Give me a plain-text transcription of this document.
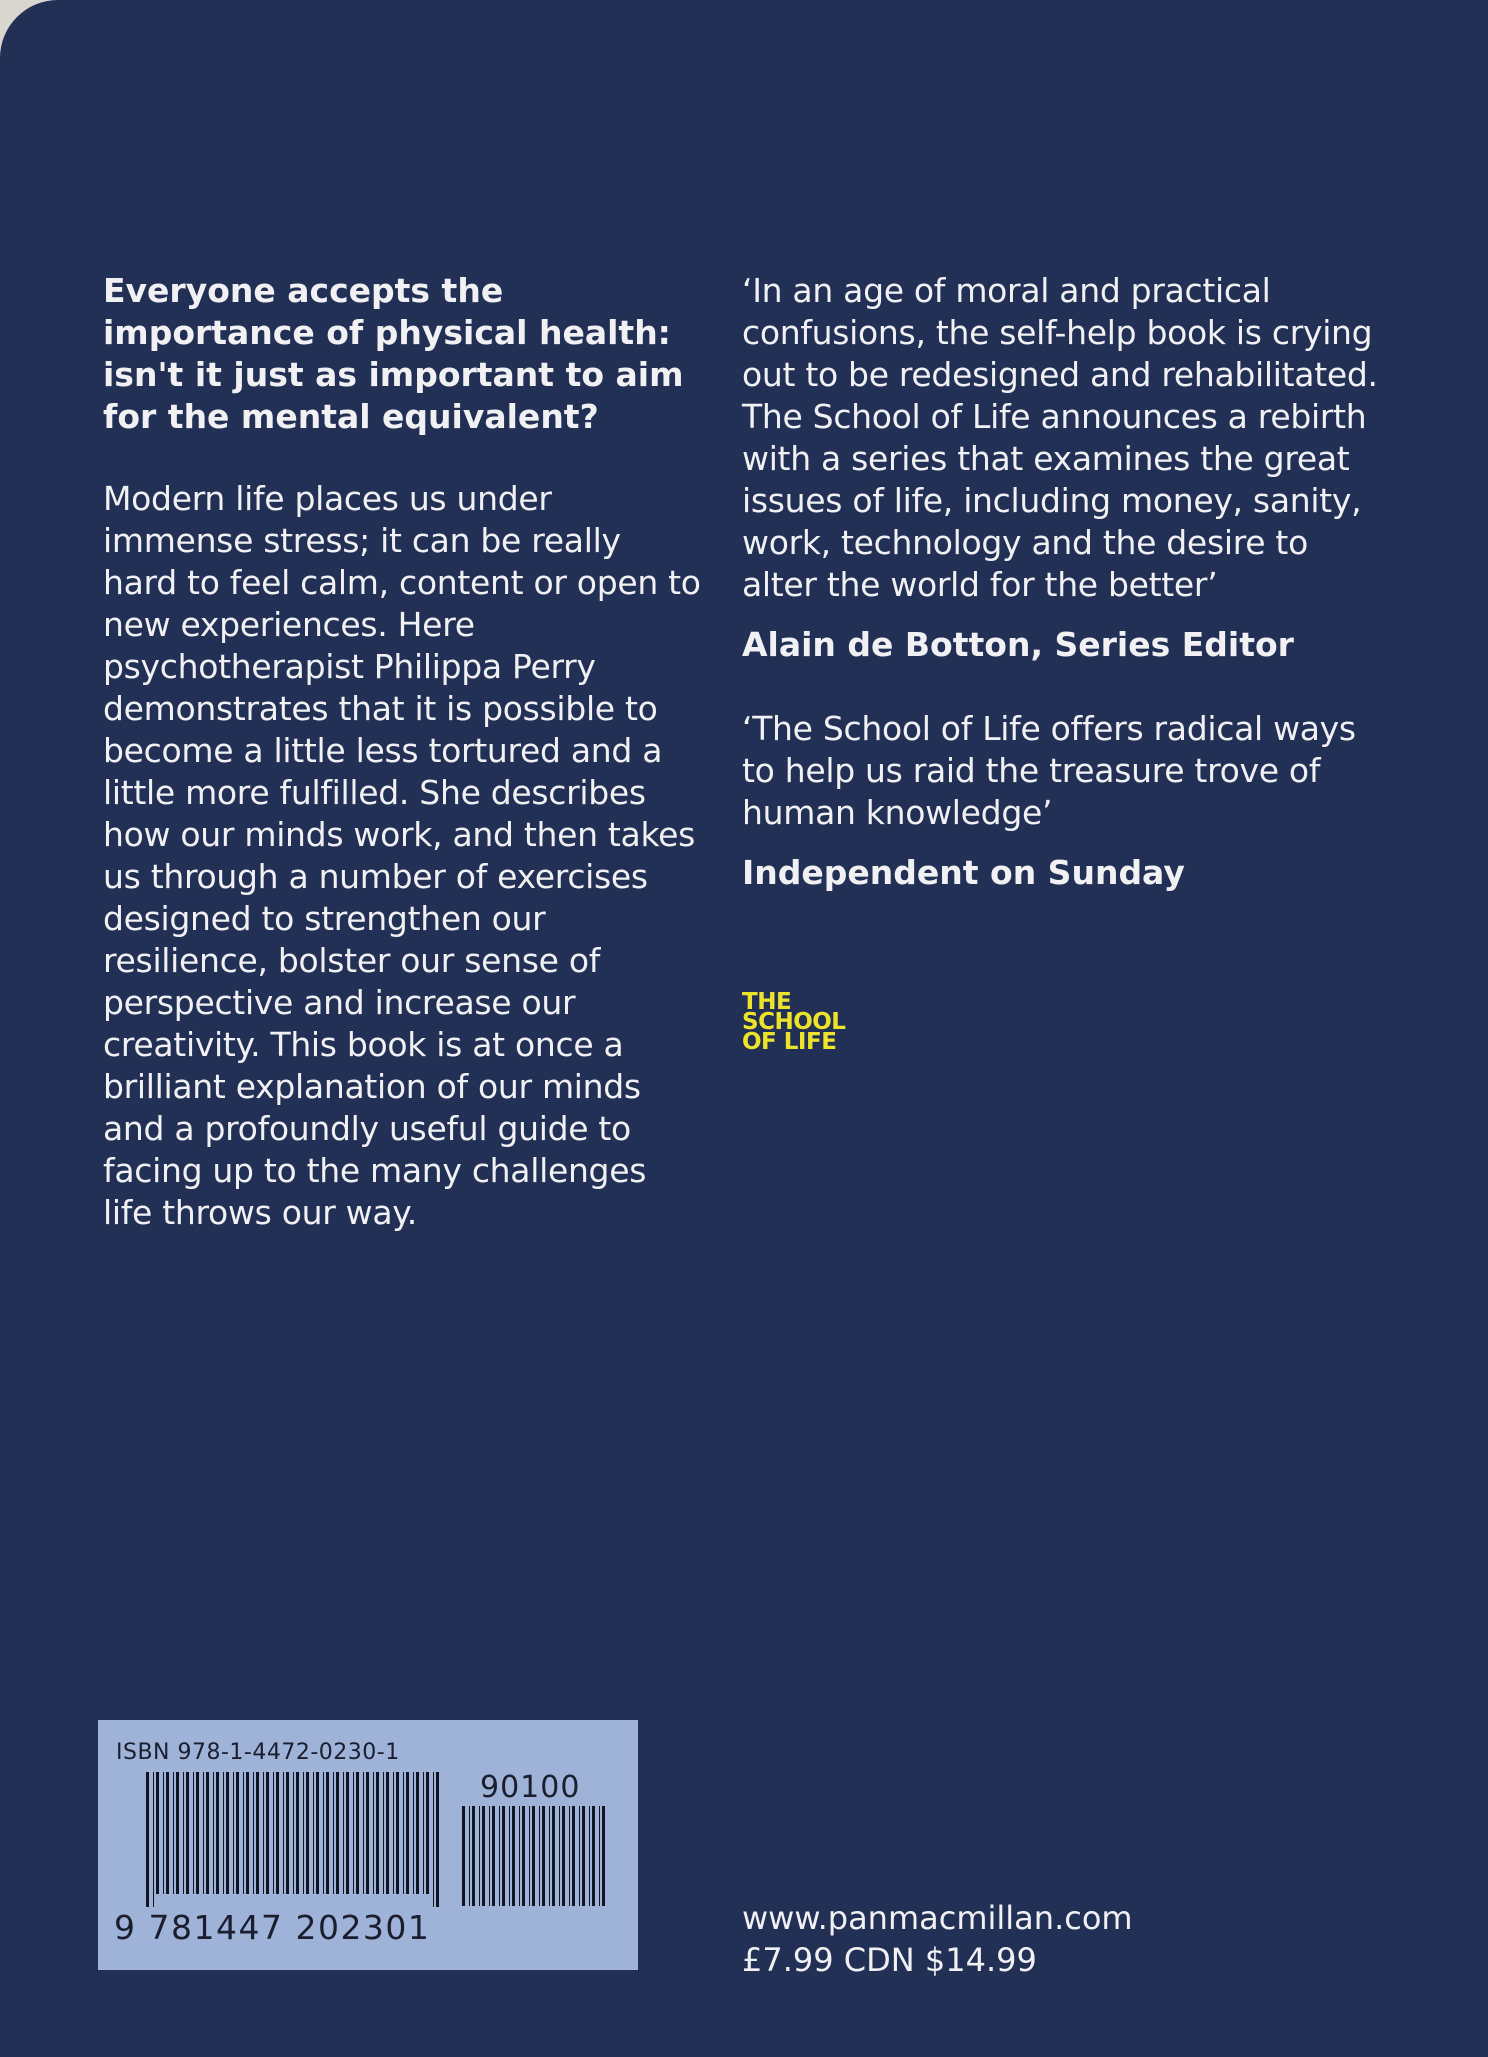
Everyone accepts the importance of physical health: isn't it just as important to aim for the mental equivalent?

Modern life places us under immense stress; it can be really hard to feel calm, content or open to new experiences. Here psychotherapist Philippa Perry demonstrates that it is possible to become a little less tortured and a little more fulfilled. She describes how our minds work, and then takes us through a number of exercises designed to strengthen our resilience, bolster our sense of perspective and increase our creativity. This book is at once a brilliant explanation of our minds and a profoundly useful guide to facing up to the many challenges life throws our way.

‘In an age of moral and practical confusions, the self-help book is crying out to be redesigned and rehabilitated. The School of Life announces a rebirth with a series that examines the great issues of life, including money, sanity, work, technology and the desire to alter the world for the better’

Alain de Botton, Series Editor

‘The School of Life offers radical ways to help us raid the treasure trove of human knowledge’

Independent on Sunday

THE
SCHOOL
OF LIFE
ISBN 978-1-4472-0230-1
90100
9 781447 202301	www.panmacmillan.com
£7.99 CDN $14.99
